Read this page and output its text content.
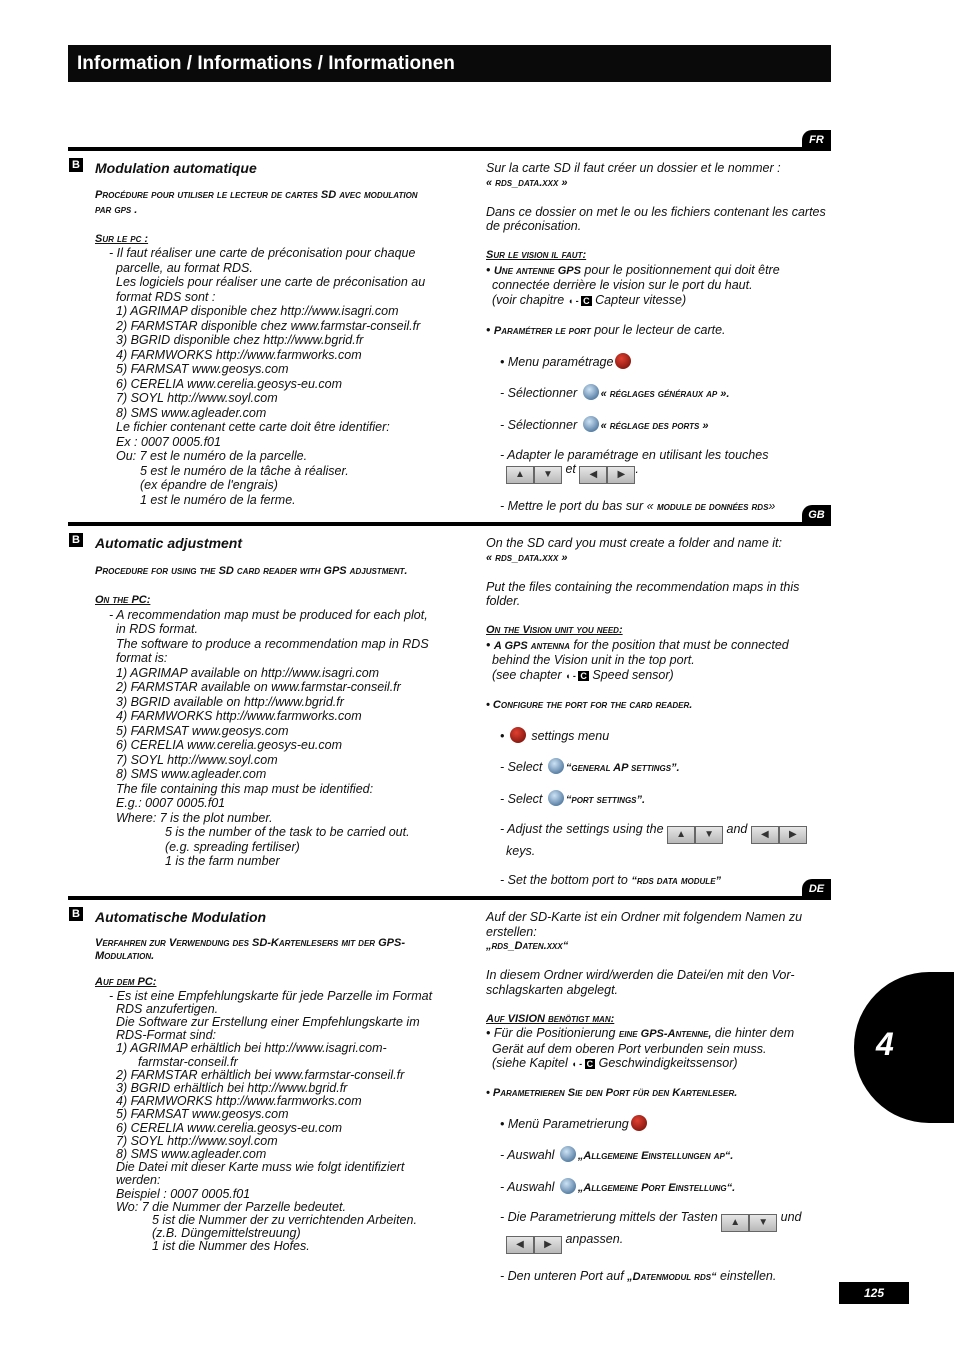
Information / Informations / Informationen
FR
B Modulation automatique

Procédure pour utiliser le lecteur de cartes SD avec modulation

par gps .

Sur le pc :

- Il faut réaliser une carte de préconisation pour chaque

parcelle, au format RDS.

Les logiciels pour réaliser une carte de préconisation au

format RDS sont :

1) AGRIMAP disponible chez http://www.isagri.com

2) FARMSTAR disponible chez www.farmstar-conseil.fr

3) BGRID disponible chez http://www.bgrid.fr

4) FARMWORKS http://www.farmworks.com

5) FARMSAT www.geosys.com

6) CERELIA www.cerelia.geosys-eu.com

7) SOYL http://www.soyl.com

8) SMS www.agleader.com

Le fichier contenant cette carte doit être identifier:

Ex : 0007 0005.f01

Ou: 7 est le numéro de la parcelle.

5 est le numéro de la tâche à réaliser.

(ex épandre de l'engrais)

1 est le numéro de la ferme.

Sur la carte SD il faut créer un dossier et le nommer :

« rds_data.xxx »

Dans ce dossier on met le ou les fichiers contenant les cartes

de préconisation.

Sur le vision il faut:

• Une antenne GPS pour le positionnement qui doit être

connectée derrière le vision sur le port du haut.

(voir chapitre ◖ - C Capteur vitesse)

• Paramétrer le port pour le lecteur de carte.

• Menu paramétrage

- Sélectionner « réglages généraux ap ».

- Sélectionner « réglage des ports »

- Adapter le paramétrage en utilisant les touches

▲ ▼ et ◀ ▶ .

- Mettre le port du bas sur « module de données rds»

GB
B Automatic adjustment

Procedure for using the SD card reader with GPS adjustment.

On the PC:

- A recommendation map must be produced for each plot,

in RDS format.

The software to produce a recommendation map in RDS

format is:

1) AGRIMAP available on http://www.isagri.com

2) FARMSTAR available on www.farmstar-conseil.fr

3) BGRID available on http://www.bgrid.fr

4) FARMWORKS http://www.farmworks.com

5) FARMSAT www.geosys.com

6) CERELIA www.cerelia.geosys-eu.com

7) SOYL http://www.soyl.com

8) SMS www.agleader.com

The file containing this map must be identified:

E.g.: 0007 0005.f01

Where: 7 is the plot number.

5 is the number of the task to be carried out.

(e.g. spreading fertiliser)

1 is the farm number

On the SD card you must create a folder and name it:

« rds_data.xxx »

Put the files containing the recommendation maps in this

folder.

On the Vision unit you need:

• A GPS antenna for the position that must be connected

behind the Vision unit in the top port.

(see chapter ◖ - C Speed sensor)

• Configure the port for the card reader.

•  settings menu

- Select “general AP settings”.

- Select “port settings”.

- Adjust the settings using the ▲ ▼ and ◀ ▶

keys.

- Set the bottom port to “rds data module”

DE
B Automatische Modulation

Verfahren zur Verwendung des SD-Kartenlesers mit der GPS-

Modulation.

Auf dem PC:

- Es ist eine Empfehlungskarte für jede Parzelle im Format

RDS anzufertigen.

Die Software zur Erstellung einer Empfehlungskarte im

RDS-Format sind:

1) AGRIMAP erhältlich bei http://www.isagri.com-

farmstar-conseil.fr

2) FARMSTAR erhältlich bei www.farmstar-conseil.fr

3) BGRID erhältlich bei http://www.bgrid.fr

4) FARMWORKS http://www.farmworks.com

5) FARMSAT www.geosys.com

6) CERELIA www.cerelia.geosys-eu.com

7) SOYL http://www.soyl.com

8) SMS www.agleader.com

Die Datei mit dieser Karte muss wie folgt identifiziert

werden:

Beispiel : 0007 0005.f01

Wo: 7 die Nummer der Parzelle bedeutet.

5 ist die Nummer der zu verrichtenden Arbeiten.

(z.B. Düngemittelstreuung)

1 ist die Nummer des Hofes.

Auf der SD-Karte ist ein Ordner mit folgendem Namen zu

erstellen:

„rds_Daten.xxx“

In diesem Ordner wird/werden die Datei/en mit den Vor-

schlagskarten abgelegt.

Auf VISION benötigt man:

• Für die Positionierung eine GPS-Antenne, die hinter dem

Gerät auf dem oberen Port verbunden sein muss.

(siehe Kapitel ◖ - C Geschwindigkeitssensor)

• Parametrieren Sie den Port für den Kartenleser.

• Menü Parametrierung

- Auswahl „Allgemeine Einstellungen ap“.

- Auswahl „Allgemeine Port Einstellung“.

- Die Parametrierung mittels der Tasten ▲ ▼ und

◀ ▶ anpassen.

- Den unteren Port auf „Datenmodul rds“ einstellen.

4
125
